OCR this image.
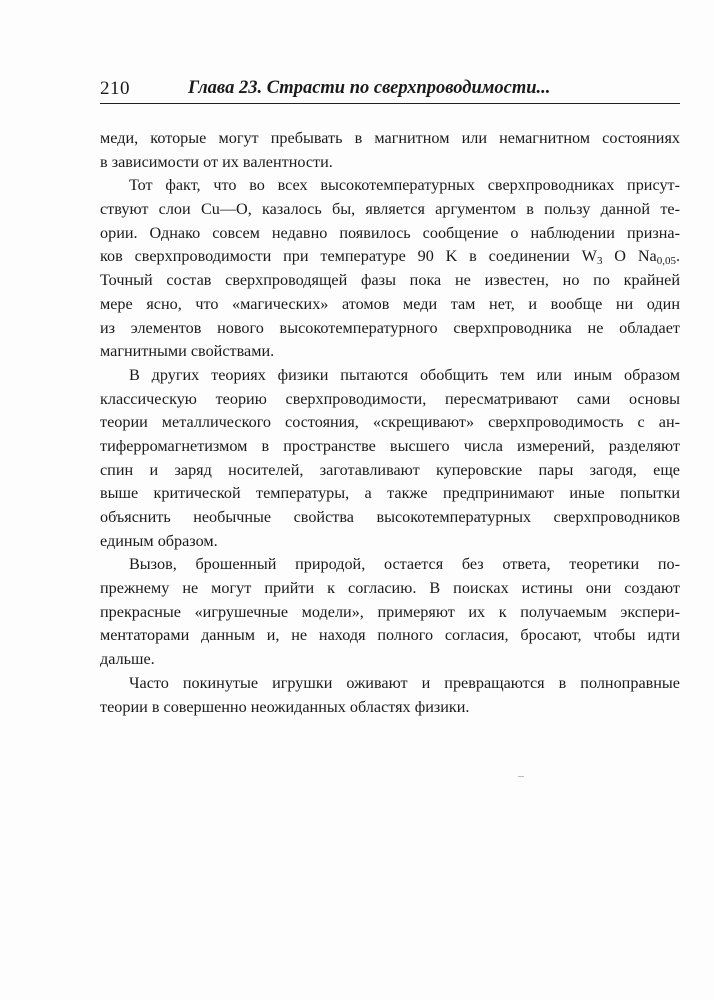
210	Глава 23. Страсти по сверхпроводимости...
меди, которые могут пребывать в магнитном или немагнитном состояниях
в зависимости от их валентности.
Тот факт, что во всех высокотемпературных сверхпроводниках присут-
ствуют слои Cu—O, казалось бы, является аргументом в пользу данной те-
ории. Однако совсем недавно появилось сообщение о наблюдении призна-
ков сверхпроводимости при температуре 90 K в соединении $W_3$ O $Na_{0,05}$.
Точный состав сверхпроводящей фазы пока не известен, но по крайней
мере ясно, что «магических» атомов меди там нет, и вообще ни один
из элементов нового высокотемпературного сверхпроводника не обладает
магнитными свойствами.
В других теориях физики пытаются обобщить тем или иным образом
классическую теорию сверхпроводимости, пересматривают сами основы
теории металлического состояния, «скрещивают» сверхпроводимость с ан-
тиферромагнетизмом в пространстве высшего числа измерений, разделяют
спин и заряд носителей, заготавливают куперовские пары загодя, еще
выше критической температуры, а также предпринимают иные попытки
объяснить необычные свойства высокотемпературных сверхпроводников
единым образом.
Вызов, брошенный природой, остается без ответа, теоретики по-
прежнему не могут прийти к согласию. В поисках истины они создают
прекрасные «игрушечные модели», примеряют их к получаемым экспери-
ментаторами данным и, не находя полного согласия, бросают, чтобы идти
дальше.
Часто покинутые игрушки оживают и превращаются в полноправные
теории в совершенно неожиданных областях физики.
